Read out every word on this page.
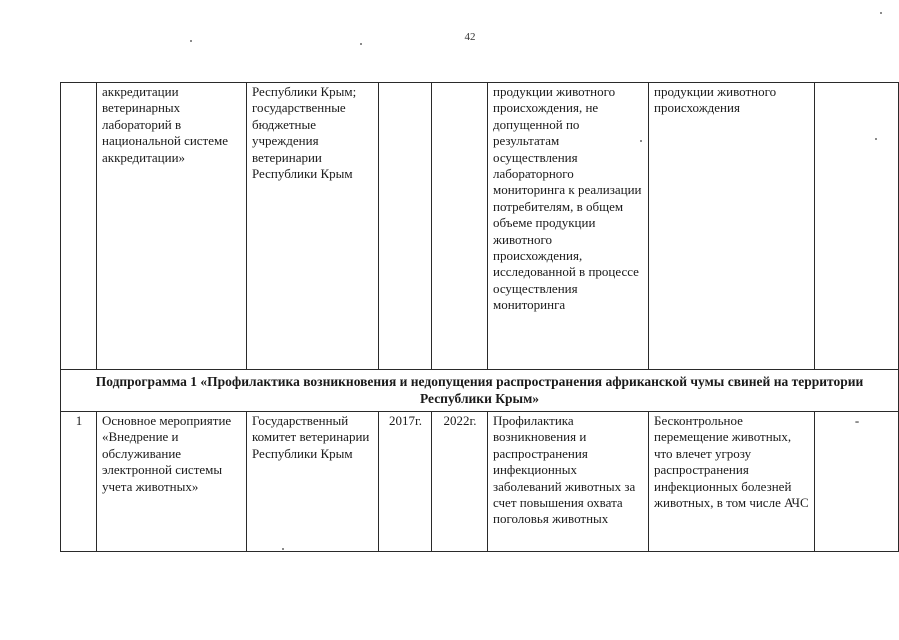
42
	аккредитации ветеринарных лабораторий в национальной системе аккредитации»	Республики Крым; государственные бюджетные учреждения ветеринарии Республики Крым			продукции животного происхождения, не допущенной по результатам осуществления лабораторного мониторинга к реализации потребителям, в общем объеме продукции животного происхождения, исследованной в процессе осуществления мониторинга	продукции животного происхождения	
Подпрограмма 1 «Профилактика возникновения и недопущения распространения африканской чумы свиней на территории Республики Крым»							
1	Основное мероприятие «Внедрение и обслуживание электронной системы учета животных»	Государственный комитет ветеринарии Республики Крым	2017г.	2022г.	Профилактика возникновения и распространения инфекционных заболеваний животных за счет повышения охвата поголовья животных	Бесконтрольное перемещение животных, что влечет угрозу распространения инфекционных болезней животных, в том числе АЧС	-
